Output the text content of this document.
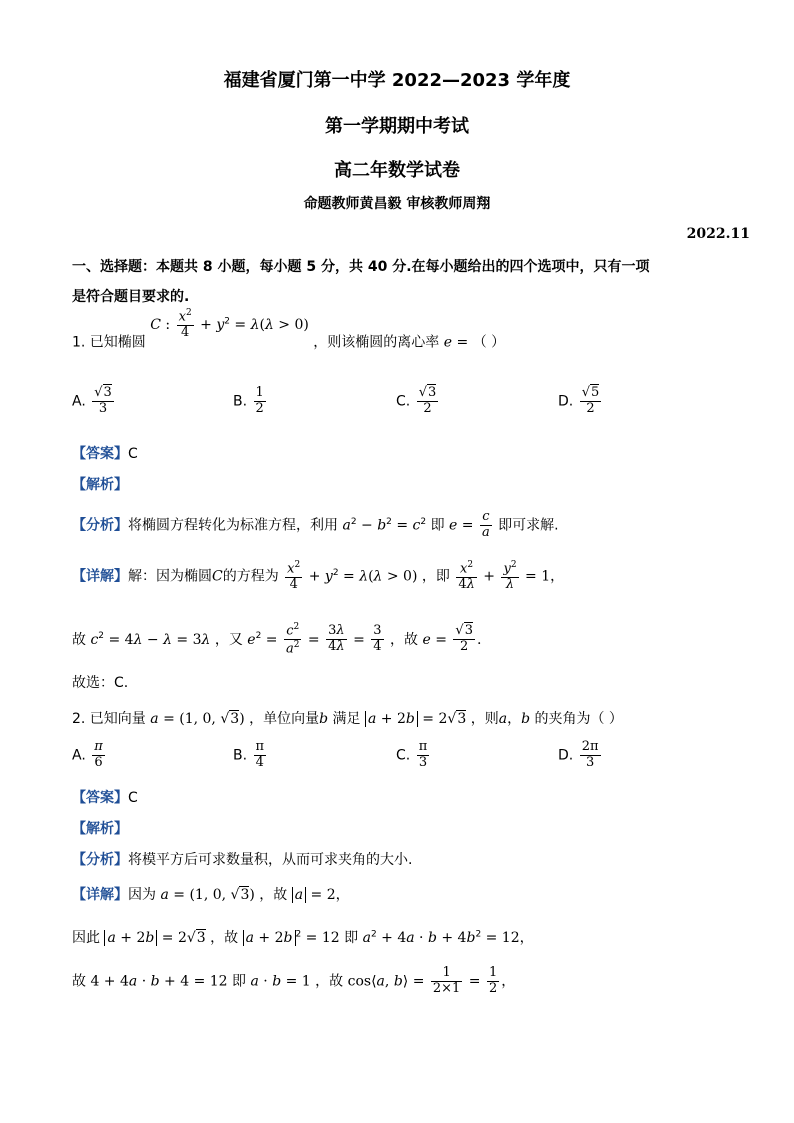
福建省厦门第一中学 2022—2023 学年度
第一学期期中考试
高二年数学试卷
命题教师黄昌毅 审核教师周翔
2022.11
一、选择题：本题共 8 小题，每小题 5 分，共 40 分.在每小题给出的四个选项中，只有一项
是符合题目要求的.
1. 已知椭圆 C : $\frac{x^2}{4} + y^2 = \lambda(\lambda > 0)$ ，则该椭圆的离心率 e = （ ）
A. $\frac{√3}{3}$	B. $\frac{1}{2}$	C. $\frac{√3}{2}$	D. $\frac{√5}{2}$
【答案】C
【解析】
【分析】将椭圆方程转化为标准方程，利用 $a^2 - b^2 = c^2$ 即 $e = \frac{c}{a}$ 即可求解.
【详解】解：因为椭圆C的方程为 $\frac{x^2}{4} + y^2 = \lambda(\lambda > 0)$ ，即 $\frac{x^2}{4\lambda} + \frac{y^2}{\lambda} = 1$，
故 $c^2 = 4\lambda - \lambda = 3\lambda$ ，又 $e^2 = \frac{c^2}{a^2} = \frac{3\lambda}{4\lambda} = \frac{3}{4}$ ，故 $e = \frac{√3}{2}$ .
故选：C.
2. 已知向量 a = (1, 0, √3) ，单位向量b 满足 a + 2b = 2√3 ，则a，b 的夹角为（ ）
A. $\frac{\pi}{6}$	B. $\frac{\pi}{4}$	C. $\frac{\pi}{3}$	D. $\frac{2\pi}{3}$
【答案】C
【解析】
【分析】将模平方后可求数量积，从而可求夹角的大小.
【详解】因为 a = (1, 0, √3) ，故 a = 2，
因此 a + 2b = 2√3 ，故 a + 2b $^2$ = 12 即 $a^2 + 4a \cdot b + 4b^2 = 12$，
故 4 + 4a · b + 4 = 12 即 a · b = 1 ，故 cos⟨a, b⟩ = $\frac{1}{2\times 1} = \frac{1}{2}$ ，
